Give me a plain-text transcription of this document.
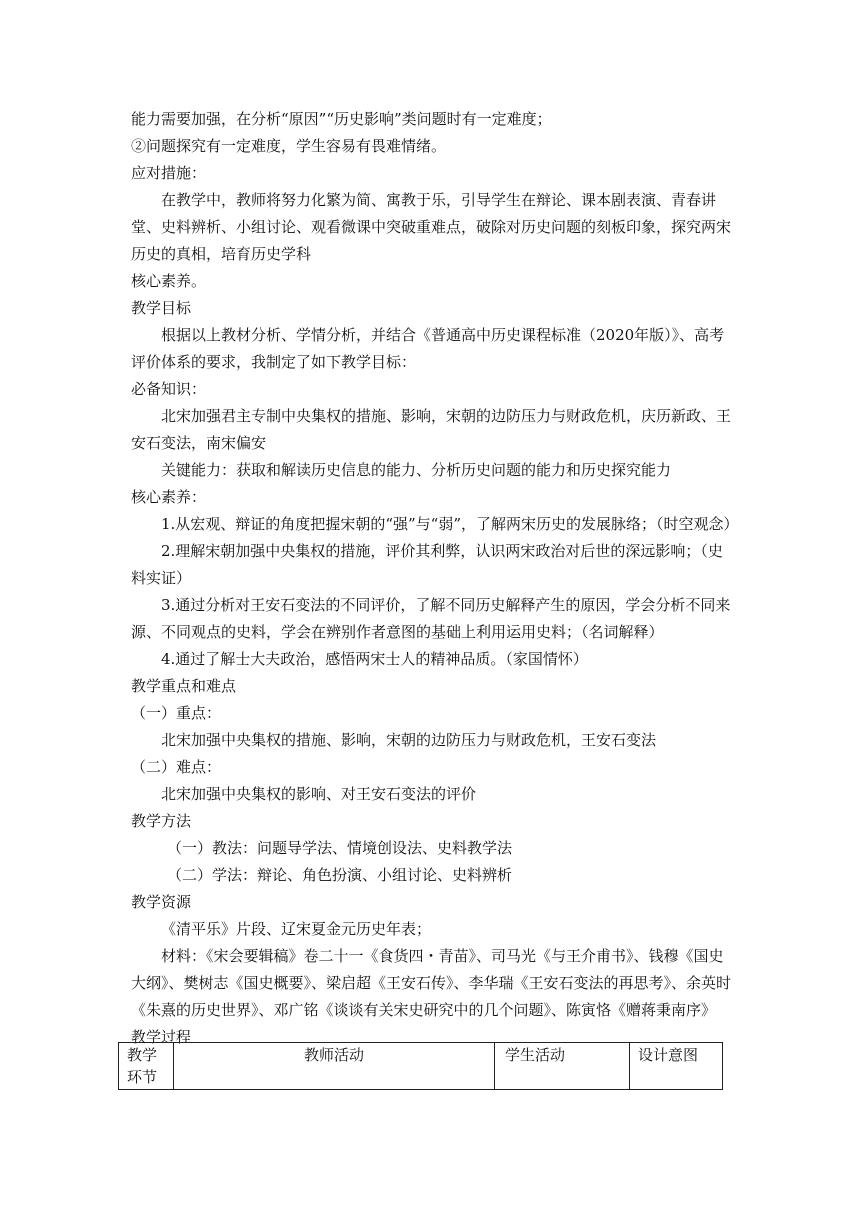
能力需要加强，在分析“原因”“历史影响”类问题时有一定难度；

②问题探究有一定难度，学生容易有畏难情绪。

应对措施：

在教学中，教师将努力化繁为简、寓教于乐，引导学生在辩论、课本剧表演、青春讲堂、史料辨析、小组讨论、观看微课中突破重难点，破除对历史问题的刻板印象，探究两宋历史的真相，培育历史学科

核心素养。

教学目标

根据以上教材分析、学情分析，并结合《普通高中历史课程标准（2020年版）》、高考评价体系的要求，我制定了如下教学目标：

必备知识：

北宋加强君主专制中央集权的措施、影响，宋朝的边防压力与财政危机，庆历新政、王安石变法，南宋偏安

关键能力：获取和解读历史信息的能力、分析历史问题的能力和历史探究能力

核心素养：

1.从宏观、辩证的角度把握宋朝的“强”与“弱”，了解两宋历史的发展脉络；（时空观念）

2.理解宋朝加强中央集权的措施，评价其利弊，认识两宋政治对后世的深远影响；（史料实证）

3.通过分析对王安石变法的不同评价，了解不同历史解释产生的原因，学会分析不同来源、不同观点的史料，学会在辨别作者意图的基础上利用运用史料；（名词解释）

4.通过了解士大夫政治，感悟两宋士人的精神品质。（家国情怀）

教学重点和难点

（一）重点：

北宋加强中央集权的措施、影响，宋朝的边防压力与财政危机，王安石变法

（二）难点：

北宋加强中央集权的影响、对王安石变法的评价

教学方法

（一）教法：问题导学法、情境创设法、史料教学法

（二）学法：辩论、角色扮演、小组讨论、史料辨析

教学资源

《清平乐》片段、辽宋夏金元历史年表；

材料：《宋会要辑稿》卷二十一《食货四・青苗》、司马光《与王介甫书》、钱穆《国史大纲》、樊树志《国史概要》、梁启超《王安石传》、李华瑞《王安石变法的再思考》、余英时《朱熹的历史世界》、邓广铭《谈谈有关宋史研究中的几个问题》、陈寅恪《赠蒋秉南序》

教学过程

教学环节	教师活动	学生活动	设计意图
